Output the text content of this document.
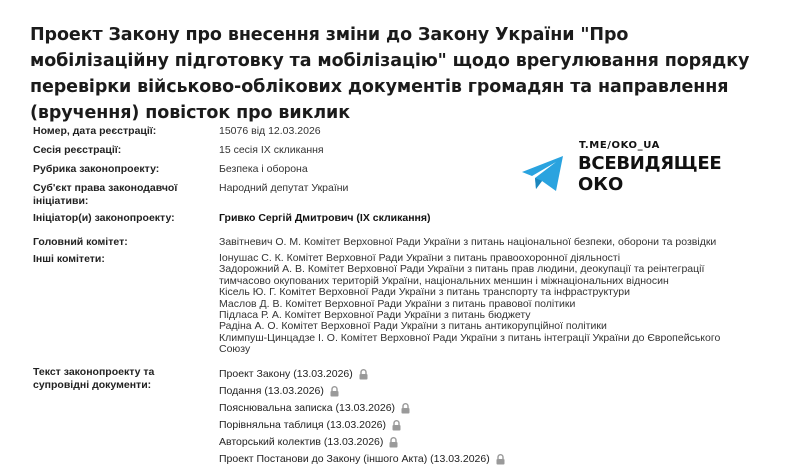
Проект Закону про внесення зміни до Закону України "Про мобілізаційну підготовку та мобілізацію" щодо врегулювання порядку перевірки військово-облікових документів громадян та направлення (вручення) повісток про виклик
Номер, дата реєстрації:	15076 від 12.03.2026
Сесія реєстрації:	15 сесія IX скликання
Рубрика законопроекту:	Безпека і оборона
Суб'єкт права законодавчої ініціативи:
Народний депутат України
Ініціатор(и) законопроекту:	Гривко Сергій Дмитрович (IX скликання)
Головний комітет:	Завітневич О. М. Комітет Верховної Ради України з питань національної безпеки, оборони та розвідки
Інші комітети:	Іонушас С. К. Комітет Верховної Ради України з питань правоохоронної діяльності
Задорожний А. В. Комітет Верховної Ради України з питань прав людини, деокупації та реінтеграції
тимчасово окупованих територій України, національних меншин і міжнаціональних відносин
Кісель Ю. Г. Комітет Верховної Ради України з питань транспорту та інфраструктури
Маслов Д. В. Комітет Верховної Ради України з питань правової політики
Підласа Р. А. Комітет Верховної Ради України з питань бюджету
Радіна А. О. Комітет Верховної Ради України з питань антикорупційної політики
Климпуш-Цинцадзе І. О. Комітет Верховної Ради України з питань інтеграції України до Європейського
Союзу
Текст законопроекту та супровідні документи:
Проект Закону (13.03.2026)
Подання (13.03.2026)
Пояснювальна записка (13.03.2026)
Порівняльна таблиця (13.03.2026)
Авторський колектив (13.03.2026)
Проект Постанови до Закону (іншого Акта) (13.03.2026)
T.ME/OKO_UA
ВСЕВИДЯЩЕЕ
ОКО
